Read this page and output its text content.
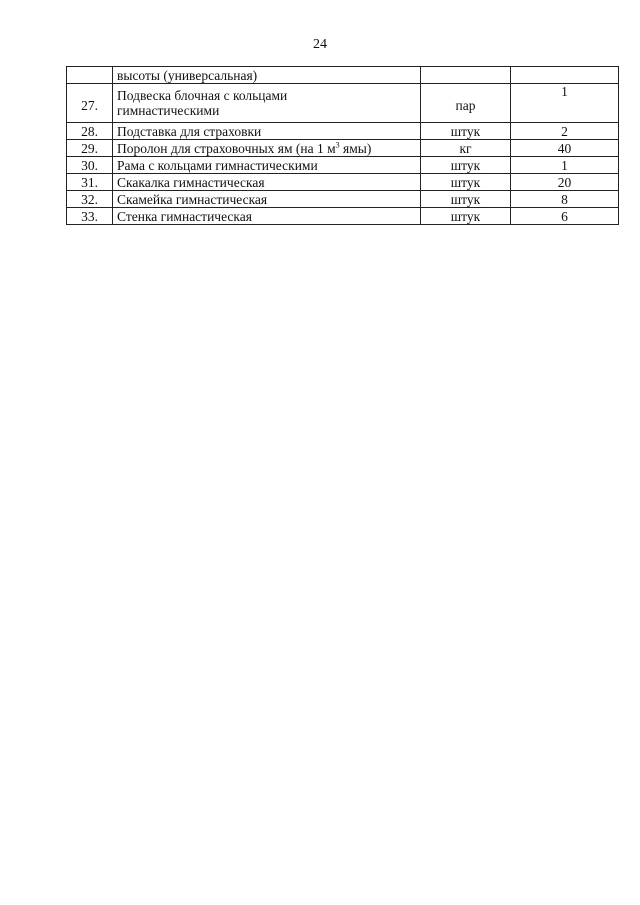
24

	высоты (универсальная)		

27.	Подвеска блочная с кольцами
гимнастическими	пар	1
28.	Подставка для страховки	штук	2
29.	Поролон для страховочных ям (на 1 $м^3$ ямы)	кг	40
30.	Рама с кольцами гимнастическими	штук	1
31.	Скакалка гимнастическая	штук	20
32.	Скамейка гимнастическая	штук	8
33.	Стенка гимнастическая	штук	6
